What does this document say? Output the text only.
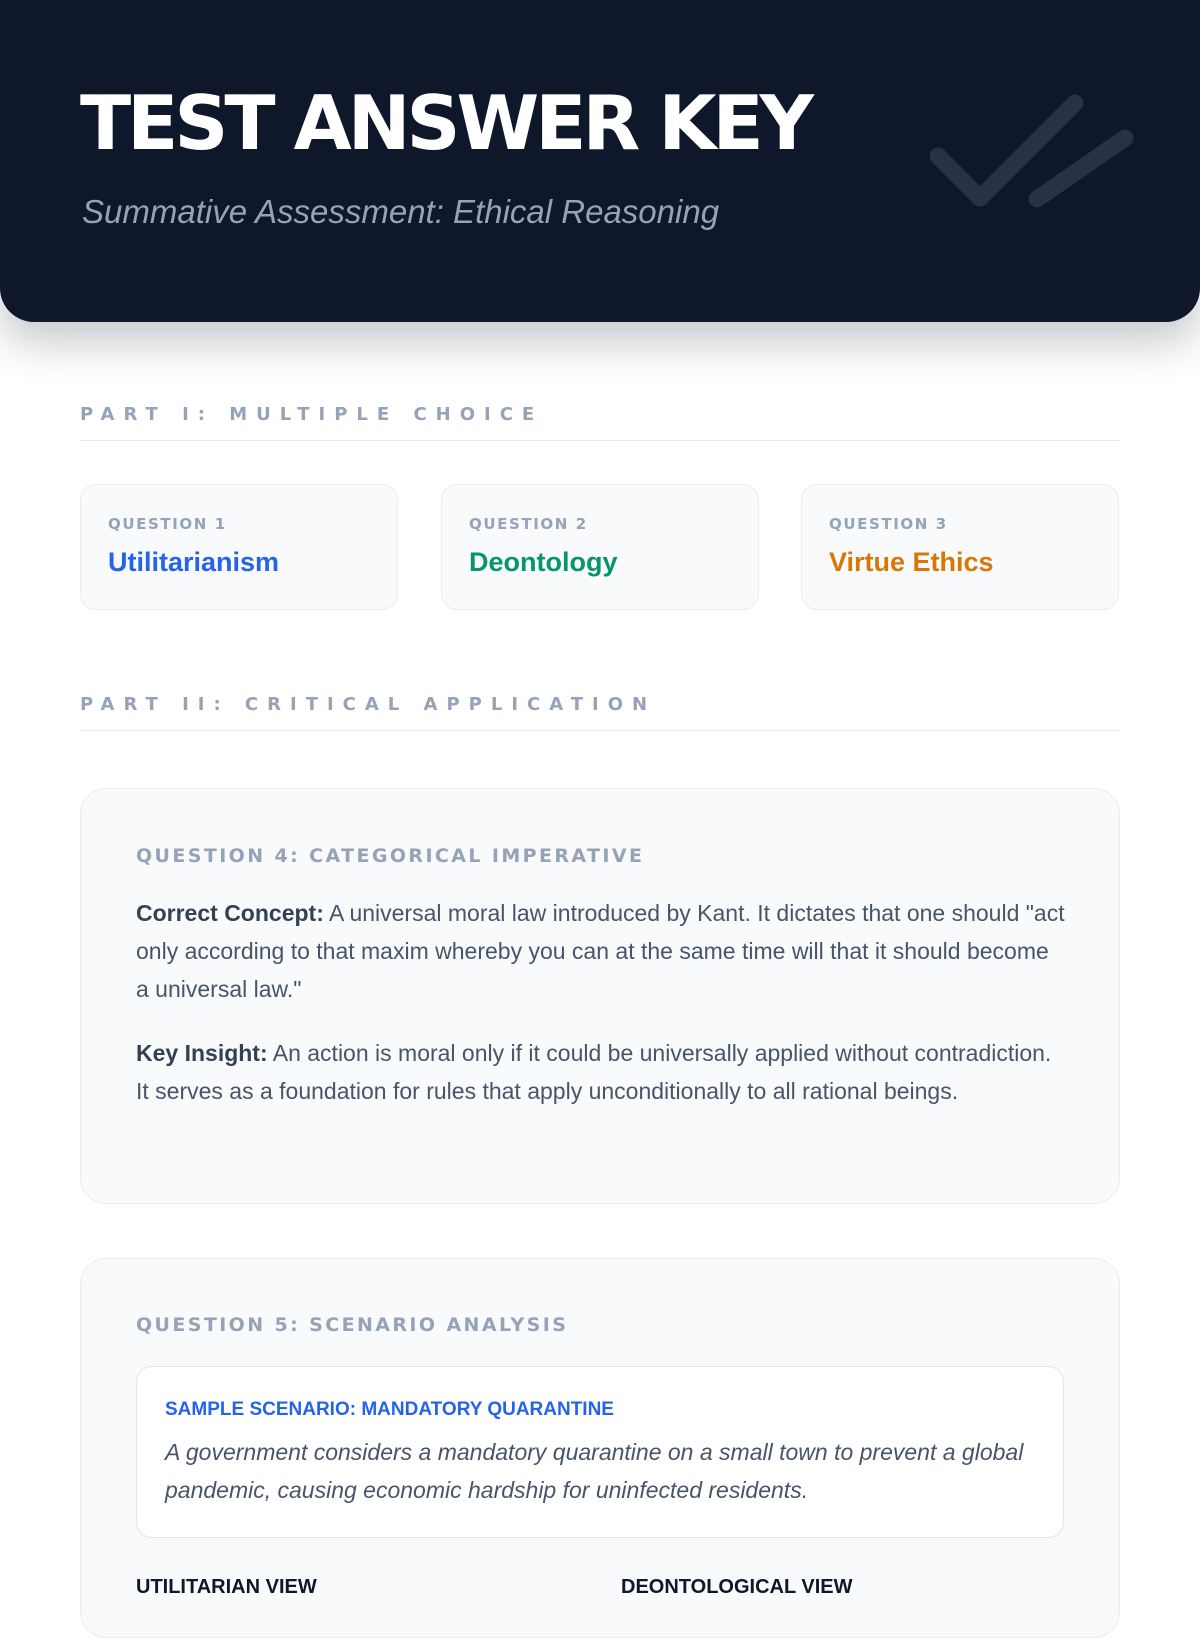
TEST ANSWER KEY

Summative Assessment: Ethical Reasoning

PART I: MULTIPLE CHOICE
QUESTION 1
Utilitarianism
QUESTION 2
Deontology
QUESTION 3
Virtue Ethics
PART II: CRITICAL APPLICATION
QUESTION 4: CATEGORICAL IMPERATIVE

Correct Concept: A universal moral law introduced by Kant. It dictates that one should "act only according to that maxim whereby you can at the same time will that it should become a universal law."

Key Insight: An action is moral only if it could be universally applied without contradiction. It serves as a foundation for rules that apply unconditionally to all rational beings.

QUESTION 5: SCENARIO ANALYSIS
SAMPLE SCENARIO: MANDATORY QUARANTINE

A government considers a mandatory quarantine on a small town to prevent a global pandemic, causing economic hardship for uninfected residents.

UTILITARIAN VIEW	DEONTOLOGICAL VIEW
